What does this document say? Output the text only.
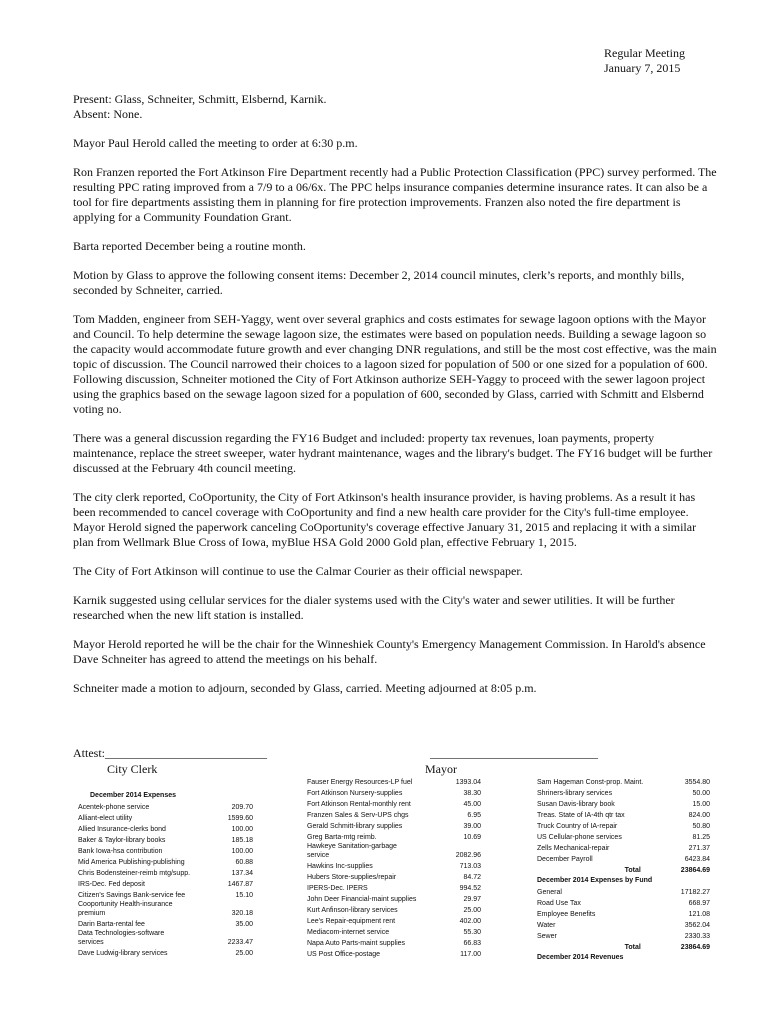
Regular Meeting
January 7, 2015

Present: Glass, Schneiter, Schmitt, Elsbernd, Karnik.
Absent: None.

Mayor Paul Herold called the meeting to order at 6:30 p.m.

Ron Franzen reported the Fort Atkinson Fire Department recently had a Public Protection Classification (PPC) survey performed. The resulting PPC rating improved from a 7/9 to a 06/6x. The PPC helps insurance companies determine insurance rates. It can also be a tool for fire departments assisting them in planning for fire protection improvements. Franzen also noted the fire department is applying for a Community Foundation Grant.

Barta reported December being a routine month.

Motion by Glass to approve the following consent items: December 2, 2014 council minutes, clerk’s reports, and monthly bills, seconded by Schneiter, carried.

Tom Madden, engineer from SEH-Yaggy, went over several graphics and costs estimates for sewage lagoon options with the Mayor and Council. To help determine the sewage lagoon size, the estimates were based on population needs. Building a sewage lagoon so the capacity would accommodate future growth and ever changing DNR regulations, and still be the most cost effective, was the main topic of discussion. The Council narrowed their choices to a lagoon sized for population of 500 or one sized for a population of 600. Following discussion, Schneiter motioned the City of Fort Atkinson authorize SEH-Yaggy to proceed with the sewer lagoon project using the graphics based on the sewage lagoon sized for a population of 600, seconded by Glass, carried with Schmitt and Elsbernd voting no.

There was a general discussion regarding the FY16 Budget and included: property tax revenues, loan payments, property maintenance, replace the street sweeper, water hydrant maintenance, wages and the library's budget. The FY16 budget will be further discussed at the February 4th council meeting.

The city clerk reported, CoOportunity, the City of Fort Atkinson's health insurance provider, is having problems. As a result it has been recommended to cancel coverage with CoOportunity and find a new health care provider for the City's full-time employee. Mayor Herold signed the paperwork canceling CoOportunity's coverage effective January 31, 2015 and replacing it with a similar plan from Wellmark Blue Cross of Iowa, myBlue HSA Gold 2000 Gold plan, effective February 1, 2015.

The City of Fort Atkinson will continue to use the Calmar Courier as their official newspaper.

Karnik suggested using cellular services for the dialer systems used with the City's water and sewer utilities. It will be further researched when the new lift station is installed.

Mayor Herold reported he will be the chair for the Winneshiek County's Emergency Management Commission. In Harold's absence Dave Schneiter has agreed to attend the meetings on his behalf.

Schneiter made a motion to adjourn, seconded by Glass, carried. Meeting adjourned at 8:05 p.m.

Attest:___________________________
City Clerk
____________________________
Mayor
December 2014 Expenses
Acentek-phone service	209.70
Alliant-elect utility	1599.60
Allied Insurance-clerks bond	100.00
Baker & Taylor-library books	185.18
Bank Iowa-hsa contribution	100.00
Mid America Publishing-publishing	60.88
Chris Bodensteiner-reimb mtg/supp.	137.34
IRS-Dec. Fed deposit	1467.87
Citizen's Savings Bank-service fee	15.10
Cooportunity Health-insurance premium	320.18
Darin Barta-rental fee	35.00
Data Technologies-software services	2233.47
Dave Ludwig-library services	25.00
Fauser Energy Resources-LP fuel	1393.04
Fort Atkinson Nursery-supplies	38.30
Fort Atkinson Rental-monthly rent	45.00
Franzen Sales & Serv-UPS chgs	6.95
Gerald Schmitt-library supplies	39.00
Greg Barta-mtg reimb.	10.69
Hawkeye Sanitation-garbage service	2082.96
Hawkins Inc-supplies	713.03
Hubers Store-supplies/repair	84.72
IPERS-Dec. IPERS	994.52
John Deer Financial-maint supplies	29.97
Kurt Anfinson-library services	25.00
Lee's Repair-equipment rent	402.00
Mediacom-internet service	55.30
Napa Auto Parts-maint supplies	66.83
US Post Office-postage	117.00
Sam Hageman Const-prop. Maint.	3554.80
Shriners-library services	50.00
Susan Davis-library book	15.00
Treas. State of IA-4th qtr tax	824.00
Truck Country of IA-repair	50.80
US Cellular-phone services	81.25
Zells Mechanical-repair	271.37
December Payroll	6423.84
Total	23864.69
December 2014 Expenses by Fund
General	17182.27
Road Use Tax	668.97
Employee Benefits	121.08
Water	3562.04
Sewer	2330.33
Total	23864.69
December 2014 Revenues
